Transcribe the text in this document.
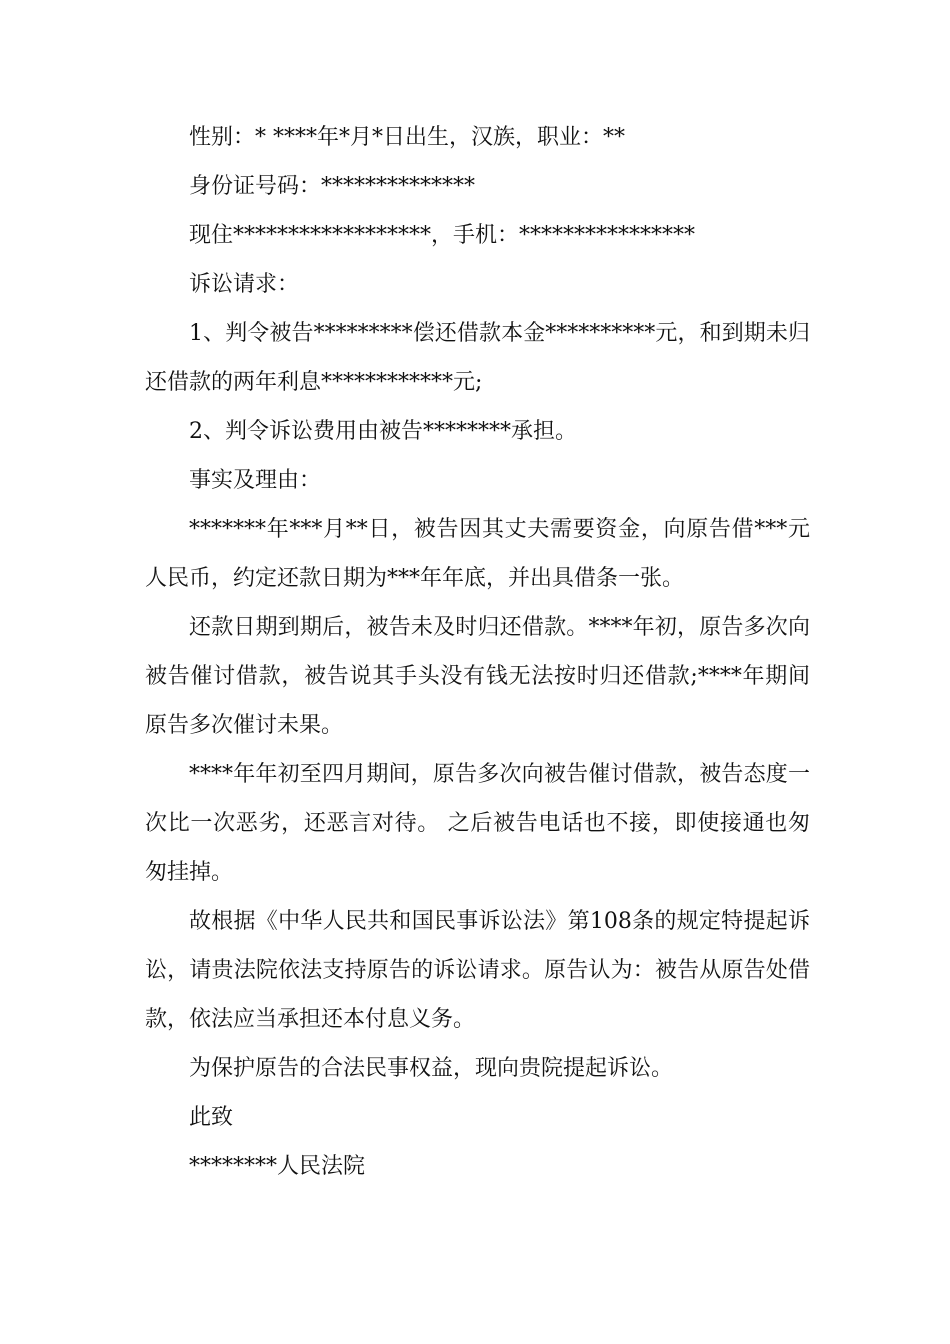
性别：* ****年*月*日出生，汉族，职业：**

身份证号码：**************

现住******************，手机：****************

诉讼请求：

1、判令被告*********偿还借款本金**********元，和到期未归还借款的两年利息************元;

2、判令诉讼费用由被告********承担。

事实及理由：

*******年***月**日，被告因其丈夫需要资金，向原告借***元人民币，约定还款日期为***年年底，并出具借条一张。

还款日期到期后，被告未及时归还借款。****年初，原告多次向被告催讨借款，被告说其手头没有钱无法按时归还借款;****年期间原告多次催讨未果。

****年年初至四月期间，原告多次向被告催讨借款，被告态度一次比一次恶劣，还恶言对待。 之后被告电话也不接，即使接通也匆匆挂掉。

故根据《中华人民共和国民事诉讼法》第108条的规定特提起诉讼，请贵法院依法支持原告的诉讼请求。原告认为：被告从原告处借款，依法应当承担还本付息义务。

为保护原告的合法民事权益，现向贵院提起诉讼。

此致

********人民法院
